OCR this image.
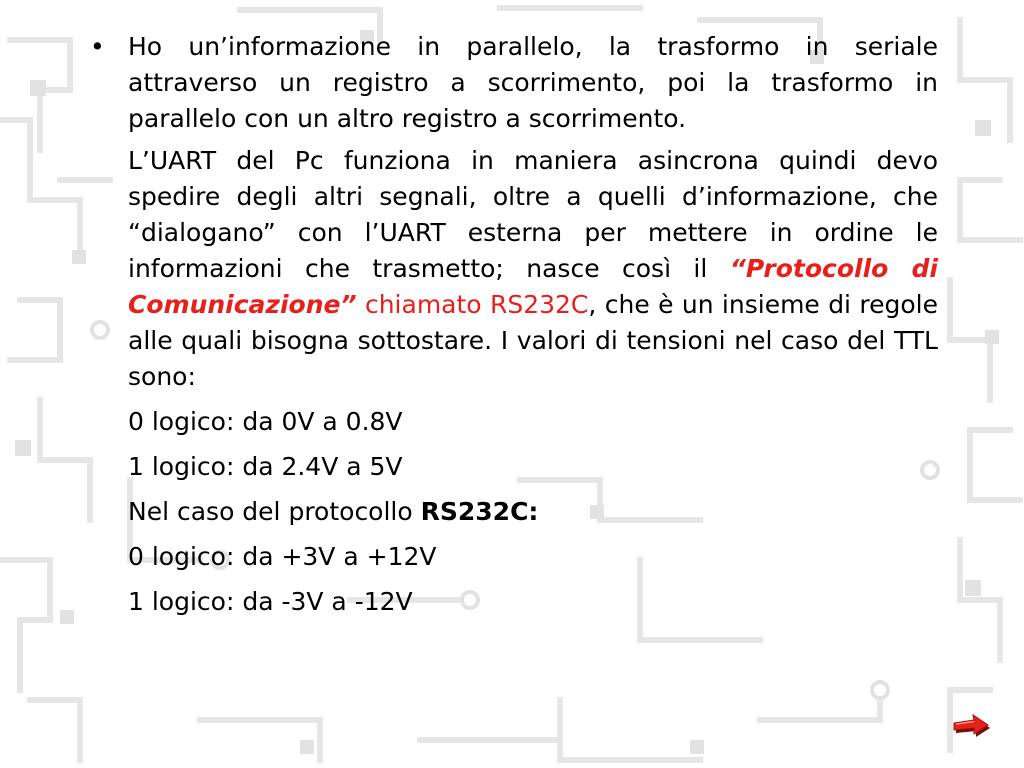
• Ho un’informazione in parallelo, la trasformo in seriale attraverso un registro a scorrimento, poi la trasformo in parallelo con un altro registro a scorrimento.
L’UART del Pc funziona in maniera asincrona quindi devo spedire degli altri segnali, oltre a quelli d’informazione, che “dialogano” con l’UART esterna per mettere in ordine le informazioni che trasmetto; nasce così il “Protocollo di Comunicazione” chiamato RS232C, che è un insieme di regole alle quali bisogna sottostare. I valori di tensioni nel caso del TTL sono:
0 logico: da 0V a 0.8V
1 logico: da 2.4V a 5V
Nel caso del protocollo RS232C:
0 logico: da +3V a +12V
1 logico: da -3V a -12V
